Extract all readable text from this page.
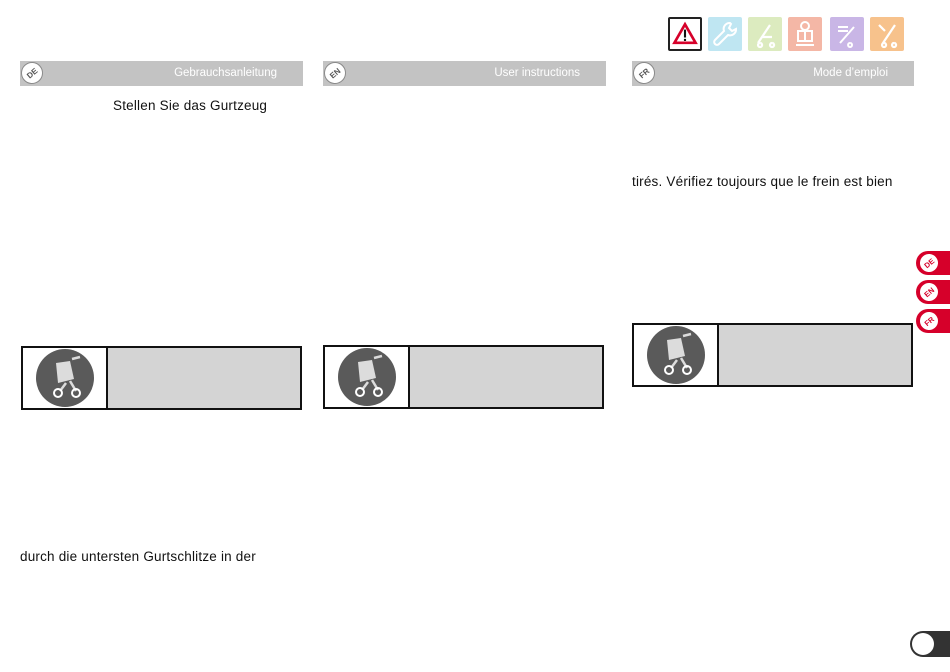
DE	Gebrauchsanleitung	EN	User instructions	FR	Mode d’emploi
Stellen Sie das Gurtzeug
tirés. Vérifiez toujours que le frein est bien
durch die untersten Gurtschlitze in der
DE
EN
FR
